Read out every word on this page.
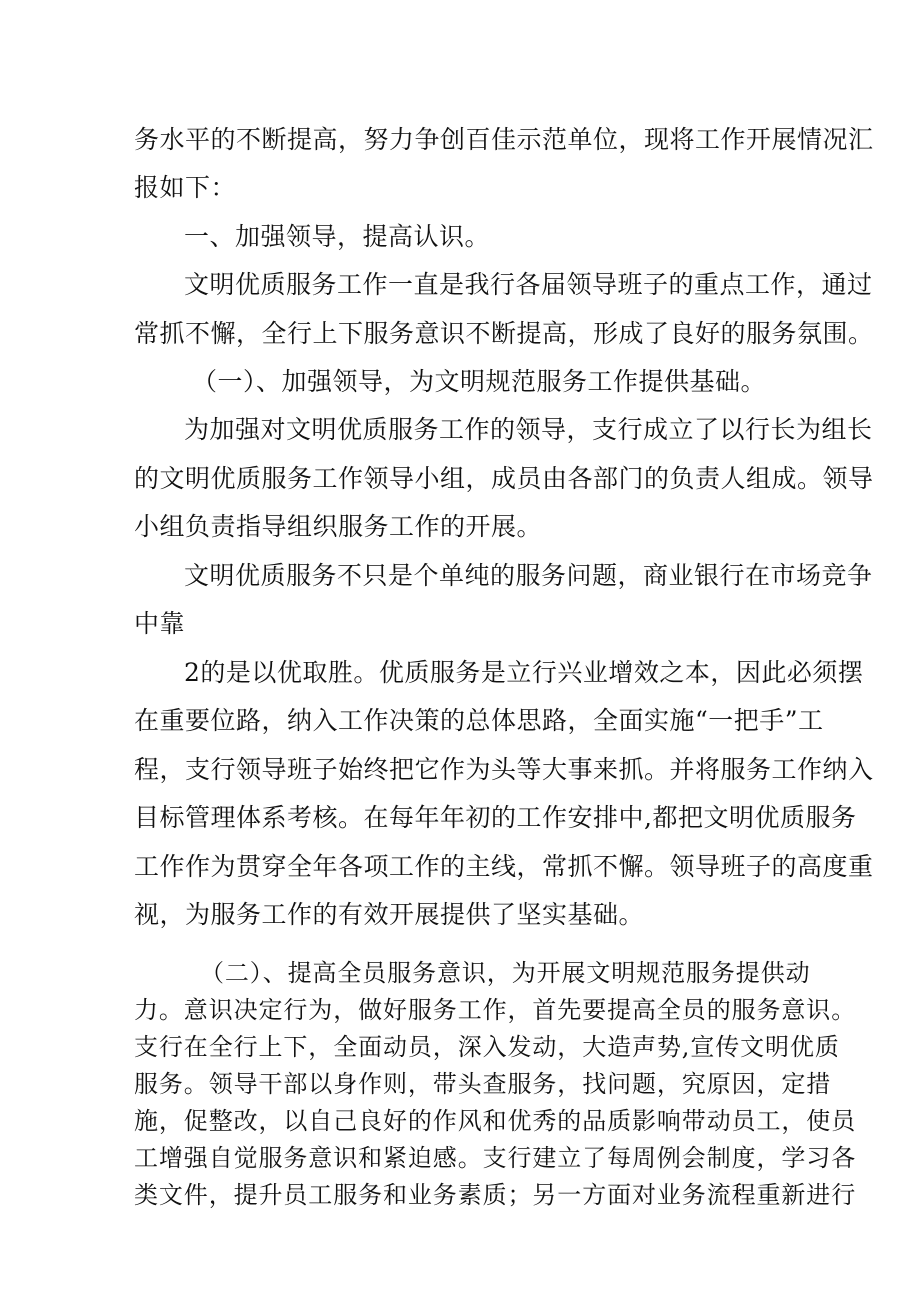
务水平的不断提高，努力争创百佳示范单位，现将工作开展情况汇
报如下：
一、加强领导，提高认识。
文明优质服务工作一直是我行各届领导班子的重点工作，通过
常抓不懈，全行上下服务意识不断提高，形成了良好的服务氛围。
（一）、加强领导，为文明规范服务工作提供基础。
为加强对文明优质服务工作的领导，支行成立了以行长为组长
的文明优质服务工作领导小组，成员由各部门的负责人组成。领导
小组负责指导组织服务工作的开展。
文明优质服务不只是个单纯的服务问题，商业银行在市场竞争
中靠
2的是以优取胜。优质服务是立行兴业增效之本，因此必须摆
在重要位路，纳入工作决策的总体思路，全面实施“一把手”工
程，支行领导班子始终把它作为头等大事来抓。并将服务工作纳入
目标管理体系考核。在每年年初的工作安排中,都把文明优质服务
工作作为贯穿全年各项工作的主线，常抓不懈。领导班子的高度重
视，为服务工作的有效开展提供了坚实基础。
（二）、提高全员服务意识，为开展文明规范服务提供动
力。意识决定行为，做好服务工作，首先要提高全员的服务意识。
支行在全行上下，全面动员，深入发动，大造声势,宣传文明优质
服务。领导干部以身作则，带头查服务，找问题，究原因，定措
施，促整改，以自己良好的作风和优秀的品质影响带动员工，使员
工增强自觉服务意识和紧迫感。支行建立了每周例会制度，学习各
类文件，提升员工服务和业务素质；另一方面对业务流程重新进行
